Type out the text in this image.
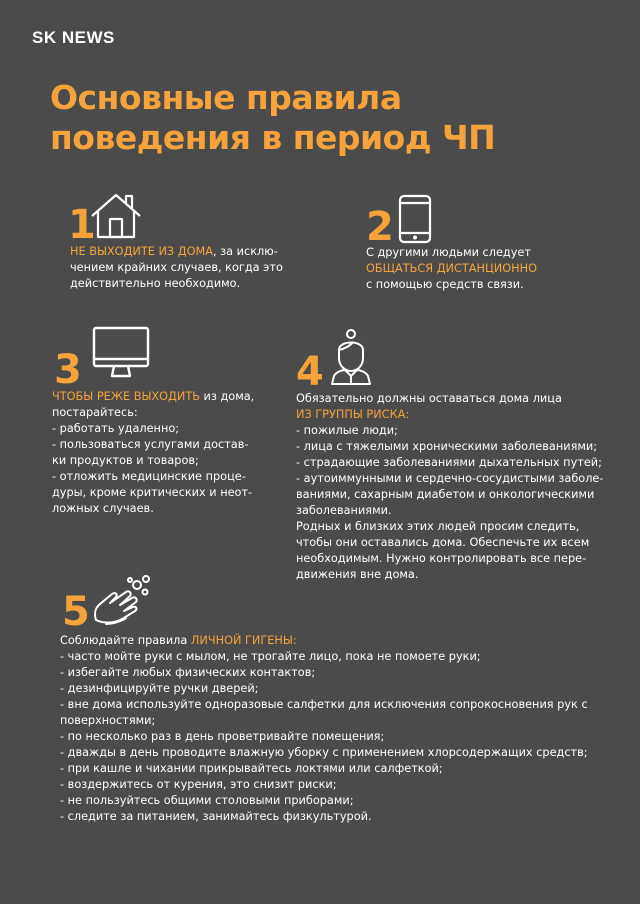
SK NEWS
Основные правила
поведения в период ЧП
1

НЕ ВЫХОДИТЕ ИЗ ДОМА, за исклю-

чением крайних случаев, когда это

действительно необходимо.

2

С другими людьми следует

ОБЩАТЬСЯ ДИСТАНЦИОННО

с помощью средств связи.

3

ЧТОБЫ РЕЖЕ ВЫХОДИТЬ из дома,

постарайтесь:

- работать удаленно;
- пользоваться услугами достав-
ки продуктов и товаров;
- отложить медицинские проце-
дуры, кроме критических и неот-
ложных случаев.
4

Обязательно должны оставаться дома лица

ИЗ ГРУППЫ РИСКА:

- пожилые люди;
- лица с тяжелыми хроническими заболеваниями;
- страдающие заболеваниями дыхательных путей;
- аутоиммунными и сердечно-сосудистыми заболе-
ваниями, сахарным диабетом и онкологическими
заболеваниями.

Родных и близких этих людей просим следить,

чтобы они оставались дома. Обеспечьте их всем

необходимым. Нужно контролировать все пере-

движения вне дома.

5

Соблюдайте правила ЛИЧНОЙ ГИГЕНЫ:

- часто мойте руки с мылом, не трогайте лицо, пока не помоете руки;
- избегайте любых физических контактов;
- дезинфицируйте ручки дверей;
- вне дома используйте одноразовые салфетки для исключения сопрокосновения рук с
поверхностями;
- по несколько раз в день проветривайте помещения;
- дважды в день проводите влажную уборку с применением хлорсодержащих средств;
- при кашле и чихании прикрывайтесь локтями или салфеткой;
- воздержитесь от курения, это снизит риски;
- не пользуйтесь общими столовыми приборами;
- следите за питанием, занимайтесь физкультурой.
